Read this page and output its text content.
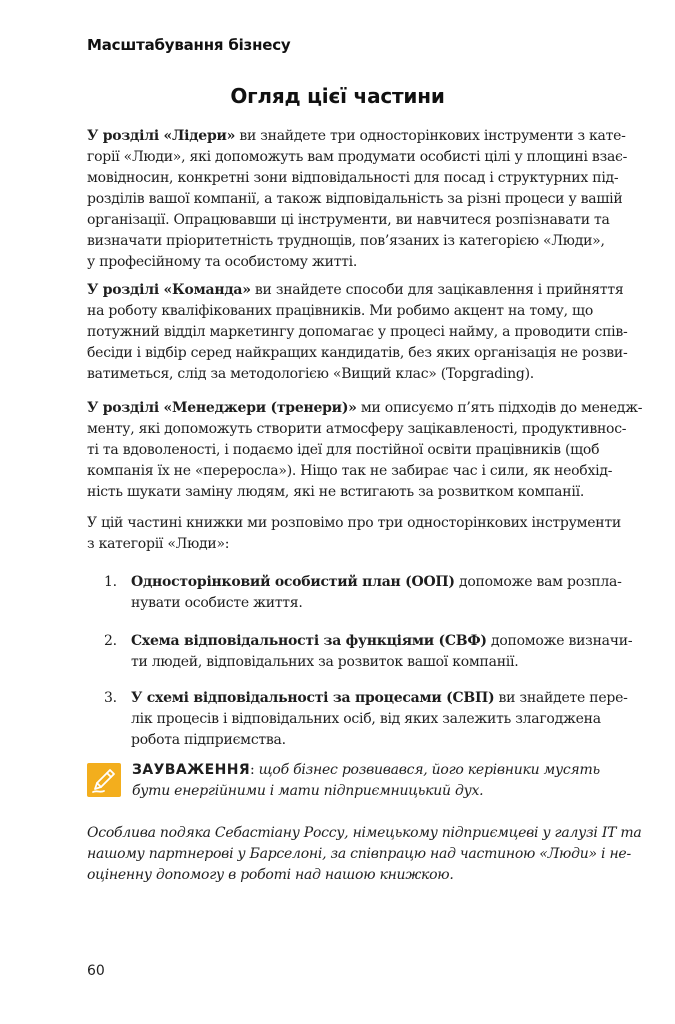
Масштабування бізнесу
Огляд цієї частини

У розділі «Лідери» ви знайдете три односторінкових інструменти з кате-
горії «Люди», які допоможуть вам продумати особисті цілі у площині взає-
мовідносин, конкретні зони відповідальності для посад і структурних під-
розділів вашої компанії, а також відповідальність за різні процеси у вашій
організації. Опрацювавши ці інструменти, ви навчитеся розпізнавати та
визначати пріоритетність труднощів, пов’язаних із категорією «Люди»,
у професійному та особистому житті.

У розділі «Команда» ви знайдете способи для зацікавлення і прийняття
на роботу кваліфікованих працівників. Ми робимо акцент на тому, що
потужний відділ маркетингу допомагає у процесі найму, а проводити спів-
бесіди і відбір серед найкращих кандидатів, без яких організація не розви-
ватиметься, слід за методологією «Вищий клас» (Topgrading).

У розділі «Менеджери (тренери)» ми описуємо п’ять підходів до менедж-
менту, які допоможуть створити атмосферу зацікавленості, продуктивнос-
ті та вдоволеності, і подаємо ідеї для постійної освіти працівників (щоб
компанія їх не «переросла»). Ніщо так не забирає час і сили, як необхід-
ність шукати заміну людям, які не встигають за розвитком компанії.

У цій частині книжки ми розповімо про три односторінкових інструменти
з категорії «Люди»:

1. Односторінковий особистий план (ООП) допоможе вам розпла-
нувати особисте життя.
2. Схема відповідальності за функціями (СВФ) допоможе визначи-
ти людей, відповідальних за розвиток вашої компанії.
3. У схемі відповідальності за процесами (СВП) ви знайдете пере-
лік процесів і відповідальних осіб, від яких залежить злагоджена
робота підприємства.
ЗАУВАЖЕННЯ: щоб бізнес розвивався, його керівники мусять
бути енергійними і мати підприємницький дух.
Особлива подяка Себастіану Россу, німецькому підприємцеві у галузі ІТ та
нашому партнерові у Барселоні, за співпрацю над частиною «Люди» і не-
оціненну допомогу в роботі над нашою книжкою.
60
